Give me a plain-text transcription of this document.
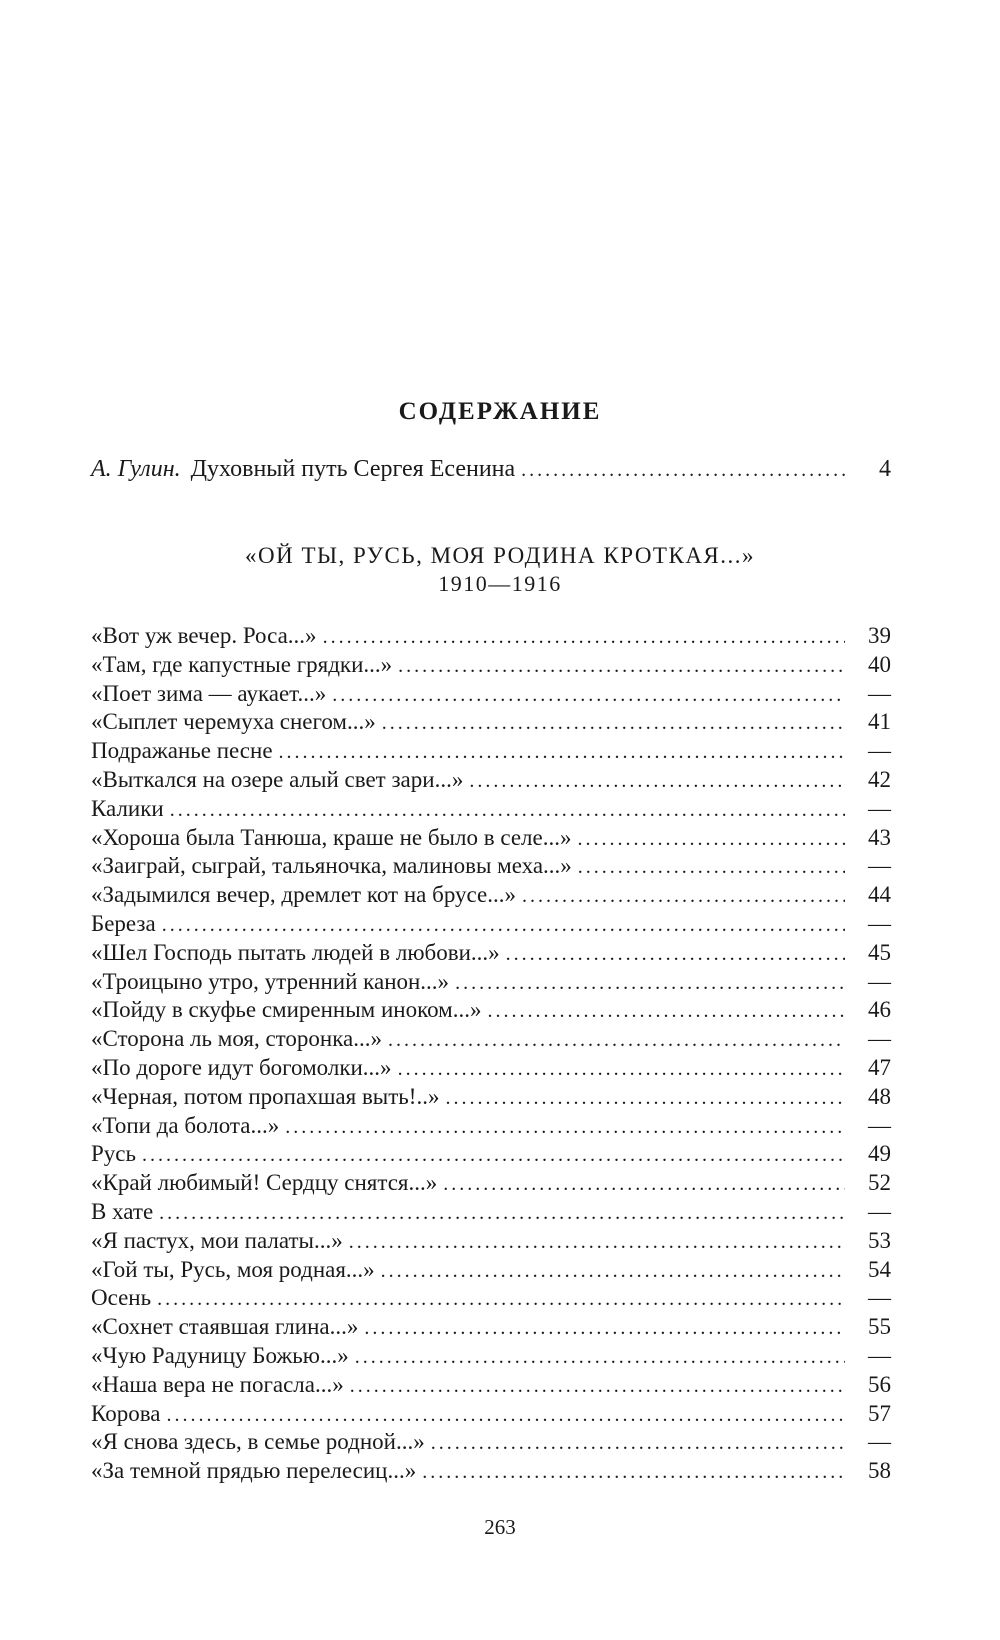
СОДЕРЖАНИЕ
А. Гулин. Духовный путь Сергея Есенина . . .	4
«ОЙ ТЫ, РУСЬ, МОЯ РОДИНА КРОТКАЯ...»
1910—1916
«Вот уж вечер. Роса...» . . .	39
«Там, где капустные грядки...» . . .	40
«Поет зима — аукает...» . . .	—
«Сыплет черемуха снегом...» . . .	41
Подражанье песне . . .	—
«Выткался на озере алый свет зари...» . . .	42
Калики . . .	—
«Хороша была Танюша, краше не было в селе...» . . .	43
«Заиграй, сыграй, тальяночка, малиновы меха...» . . .	—
«Задымился вечер, дремлет кот на брусе...» . . .	44
Береза . . .	—
«Шел Господь пытать людей в любови...» . . .	45
«Троицыно утро, утренний канон...» . . .	—
«Пойду в скуфье смиренным иноком...» . . .	46
«Сторона ль моя, сторонка...» . . .	—
«По дороге идут богомолки...» . . .	47
«Черная, потом пропахшая выть!..» . . .	48
«Топи да болота...» . . .	—
Русь . . .	49
«Край любимый! Сердцу снятся...» . . .	52
В хате . . .	—
«Я пастух, мои палаты...» . . .	53
«Гой ты, Русь, моя родная...» . . .	54
Осень . . .	—
«Сохнет стаявшая глина...» . . .	55
«Чую Радуницу Божью...» . . .	—
«Наша вера не погасла...» . . .	56
Корова . . .	57
«Я снова здесь, в семье родной...» . . .	—
«За темной прядью перелесиц...» . . .	58
263
